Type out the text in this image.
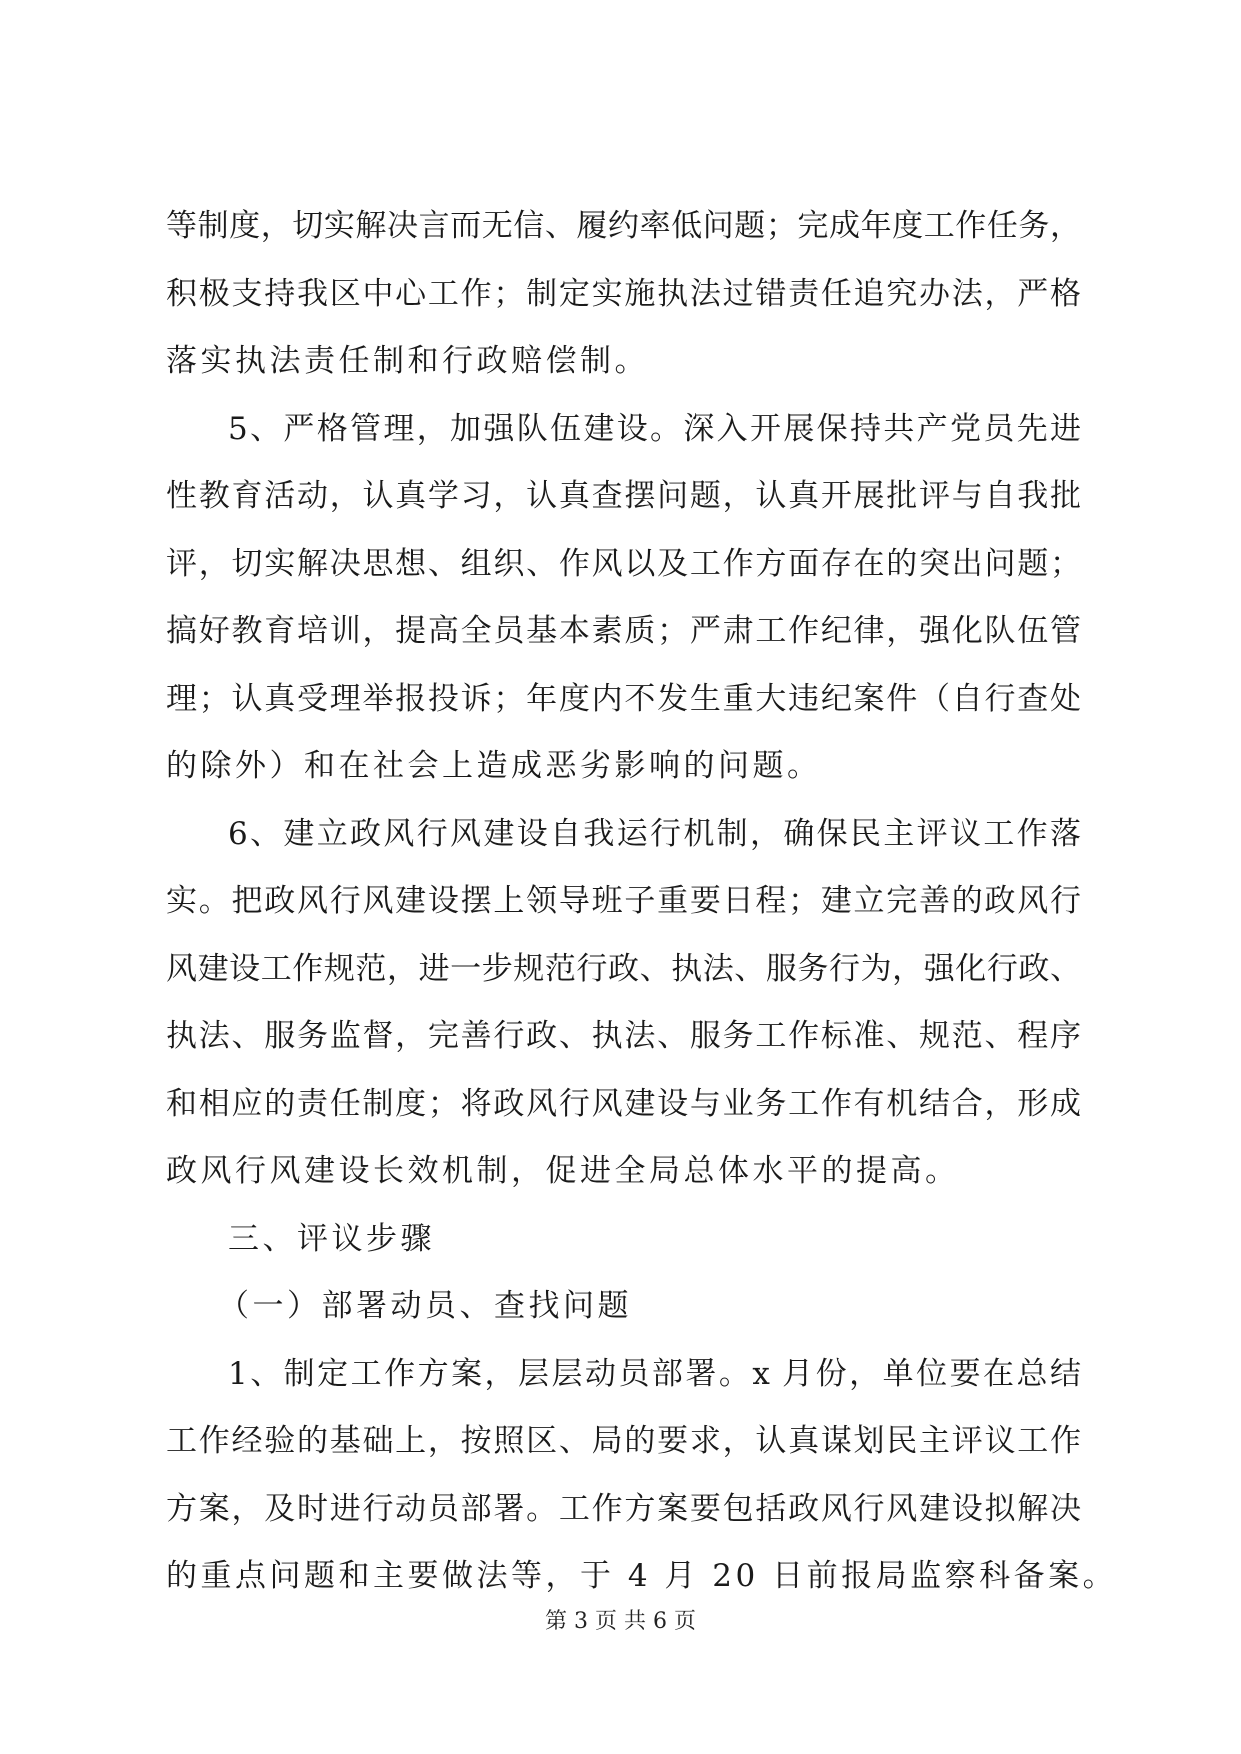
等制度，切实解决言而无信、履约率低问题；完成年度工作任务，
积极支持我区中心工作；制定实施执法过错责任追究办法，严格
落实执法责任制和行政赔偿制。
5、严格管理，加强队伍建设。深入开展保持共产党员先进
性教育活动，认真学习，认真查摆问题，认真开展批评与自我批
评，切实解决思想、组织、作风以及工作方面存在的突出问题；
搞好教育培训，提高全员基本素质；严肃工作纪律，强化队伍管
理；认真受理举报投诉；年度内不发生重大违纪案件（自行查处
的除外）和在社会上造成恶劣影响的问题。
6、建立政风行风建设自我运行机制，确保民主评议工作落
实。把政风行风建设摆上领导班子重要日程；建立完善的政风行
风建设工作规范，进一步规范行政、执法、服务行为，强化行政、
执法、服务监督，完善行政、执法、服务工作标准、规范、程序
和相应的责任制度；将政风行风建设与业务工作有机结合，形成
政风行风建设长效机制，促进全局总体水平的提高。
三、评议步骤
（一）部署动员、查找问题
1、制定工作方案，层层动员部署。x 月份，单位要在总结
工作经验的基础上，按照区、局的要求，认真谋划民主评议工作
方案，及时进行动员部署。工作方案要包括政风行风建设拟解决
的重点问题和主要做法等，于 4 月 20 日前报局监察科备案。
第 3 页 共 6 页
